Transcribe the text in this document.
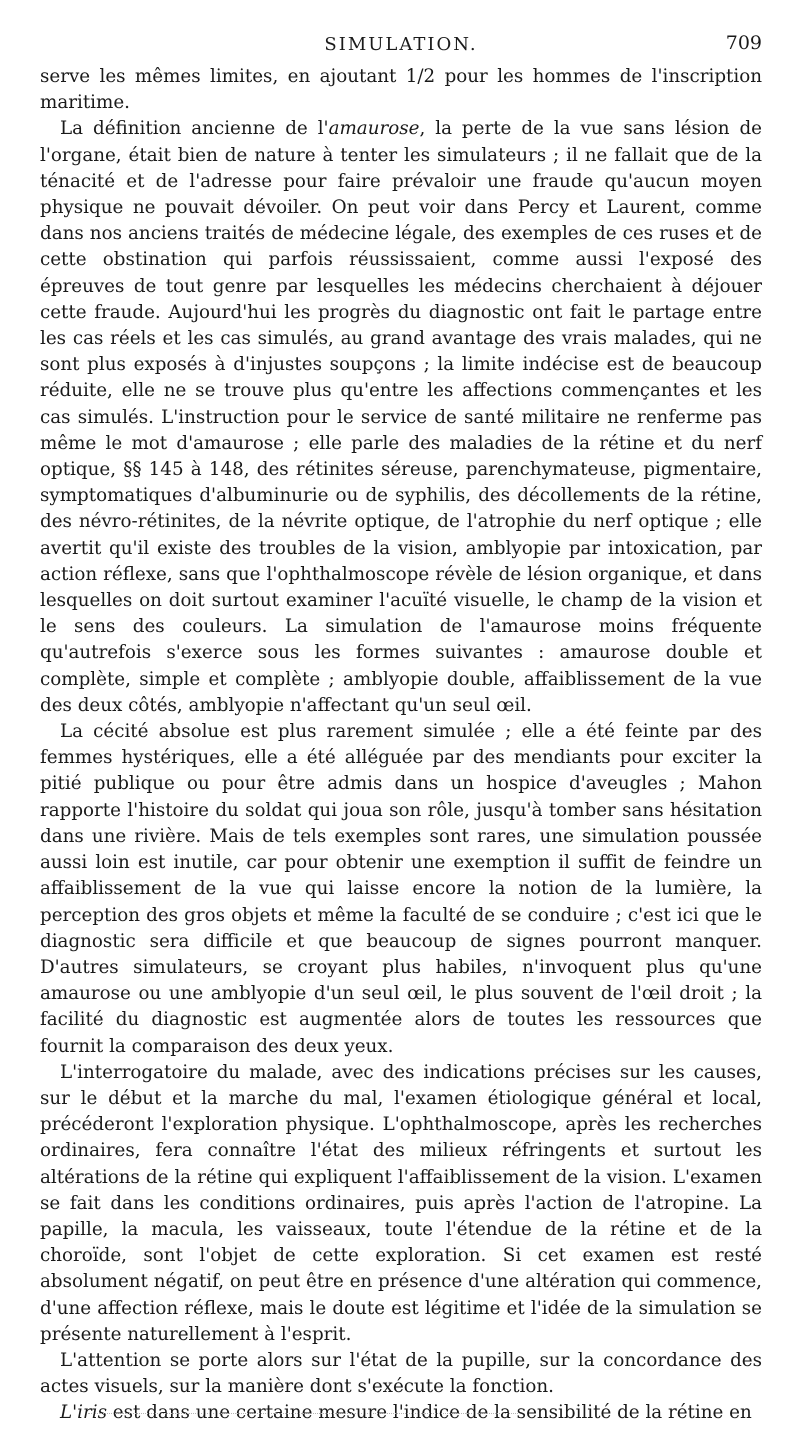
SIMULATION.	709

serve les mêmes limites, en ajoutant 1/2 pour les hommes de l'inscription maritime.

La définition ancienne de l'amaurose, la perte de la vue sans lésion de l'organe, était bien de nature à tenter les simulateurs ; il ne fallait que de la ténacité et de l'adresse pour faire prévaloir une fraude qu'aucun moyen physique ne pouvait dévoiler. On peut voir dans Percy et Laurent, comme dans nos anciens traités de médecine légale, des exemples de ces ruses et de cette obstination qui parfois réussissaient, comme aussi l'exposé des épreuves de tout genre par lesquelles les médecins cherchaient à déjouer cette fraude. Aujourd'hui les progrès du diagnostic ont fait le partage entre les cas réels et les cas simulés, au grand avantage des vrais malades, qui ne sont plus exposés à d'injustes soupçons ; la limite indécise est de beaucoup réduite, elle ne se trouve plus qu'entre les affections commençantes et les cas simulés. L'instruction pour le service de santé militaire ne renferme pas même le mot d'amaurose ; elle parle des maladies de la rétine et du nerf optique, §§ 145 à 148, des rétinites séreuse, parenchymateuse, pigmentaire, symptomatiques d'albuminurie ou de syphilis, des décollements de la rétine, des névro-rétinites, de la névrite optique, de l'atrophie du nerf optique ; elle avertit qu'il existe des troubles de la vision, amblyopie par intoxication, par action réflexe, sans que l'ophthalmoscope révèle de lésion organique, et dans lesquelles on doit surtout examiner l'acuïté visuelle, le champ de la vision et le sens des couleurs. La simulation de l'amaurose moins fréquente qu'autrefois s'exerce sous les formes suivantes : amaurose double et complète, simple et complète ; amblyopie double, affaiblissement de la vue des deux côtés, amblyopie n'affectant qu'un seul œil.

La cécité absolue est plus rarement simulée ; elle a été feinte par des femmes hystériques, elle a été alléguée par des mendiants pour exciter la pitié publique ou pour être admis dans un hospice d'aveugles ; Mahon rapporte l'histoire du soldat qui joua son rôle, jusqu'à tomber sans hésitation dans une rivière. Mais de tels exemples sont rares, une simulation poussée aussi loin est inutile, car pour obtenir une exemption il suffit de feindre un affaiblissement de la vue qui laisse encore la notion de la lumière, la perception des gros objets et même la faculté de se conduire ; c'est ici que le diagnostic sera difficile et que beaucoup de signes pourront manquer. D'autres simulateurs, se croyant plus habiles, n'invoquent plus qu'une amaurose ou une amblyopie d'un seul œil, le plus souvent de l'œil droit ; la facilité du diagnostic est augmentée alors de toutes les ressources que fournit la comparaison des deux yeux.

L'interrogatoire du malade, avec des indications précises sur les causes, sur le début et la marche du mal, l'examen étiologique général et local, précéderont l'exploration physique. L'ophthalmoscope, après les recherches ordinaires, fera connaître l'état des milieux réfringents et surtout les altérations de la rétine qui expliquent l'affaiblissement de la vision. L'examen se fait dans les conditions ordinaires, puis après l'action de l'atropine. La papille, la macula, les vaisseaux, toute l'étendue de la rétine et de la choroïde, sont l'objet de cette exploration. Si cet examen est resté absolument négatif, on peut être en présence d'une altération qui commence, d'une affection réflexe, mais le doute est légitime et l'idée de la simulation se présente naturellement à l'esprit.

L'attention se porte alors sur l'état de la pupille, sur la concordance des actes visuels, sur la manière dont s'exécute la fonction.

L'iris est dans une certaine mesure l'indice de la sensibilité de la rétine en
